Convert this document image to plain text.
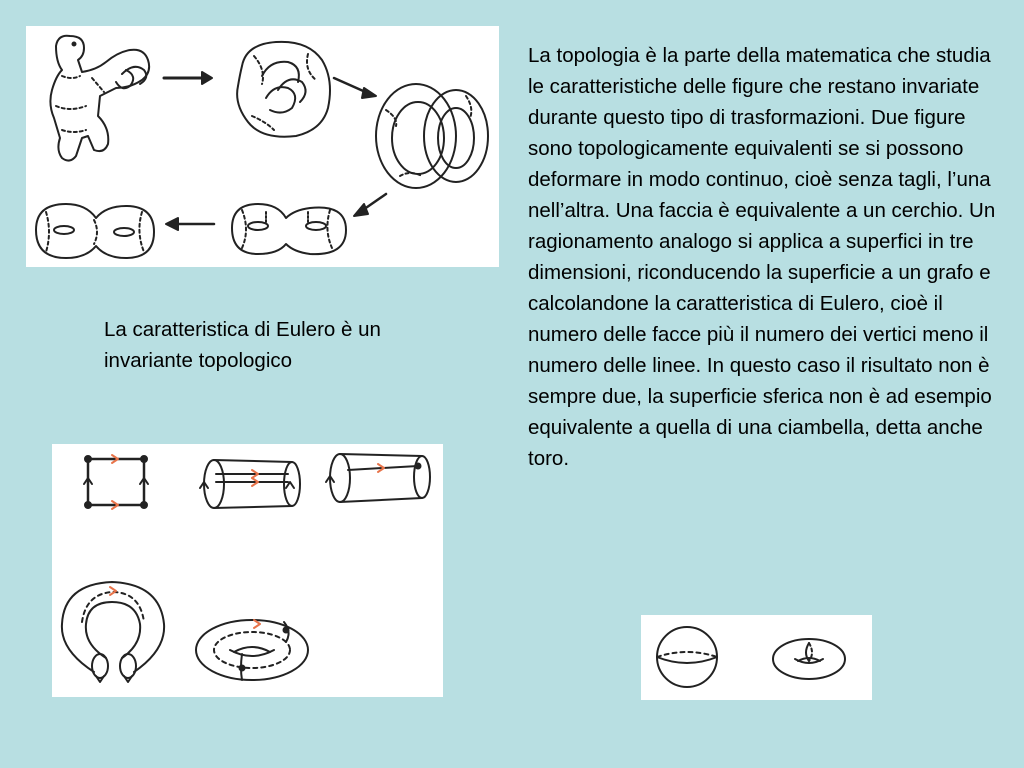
La caratteristica di Eulero è un invariante topologico

La topologia è la parte della matematica che studia le caratteristiche delle figure che restano invariate durante questo tipo di trasformazioni. Due figure sono topologicamente equivalenti se si possono deformare in modo continuo, cioè senza tagli, l’una nell’altra. Una faccia è equivalente a un cerchio. Un ragionamento analogo si applica a superfici in tre dimensioni, riconducendo la superficie a un grafo e calcolandone la caratteristica di Eulero, cioè il numero delle facce più il numero dei vertici meno il numero delle linee. In questo caso il risultato non è sempre due, la superficie sferica non è ad esempio equivalente a quella di una ciambella, detta anche toro.
